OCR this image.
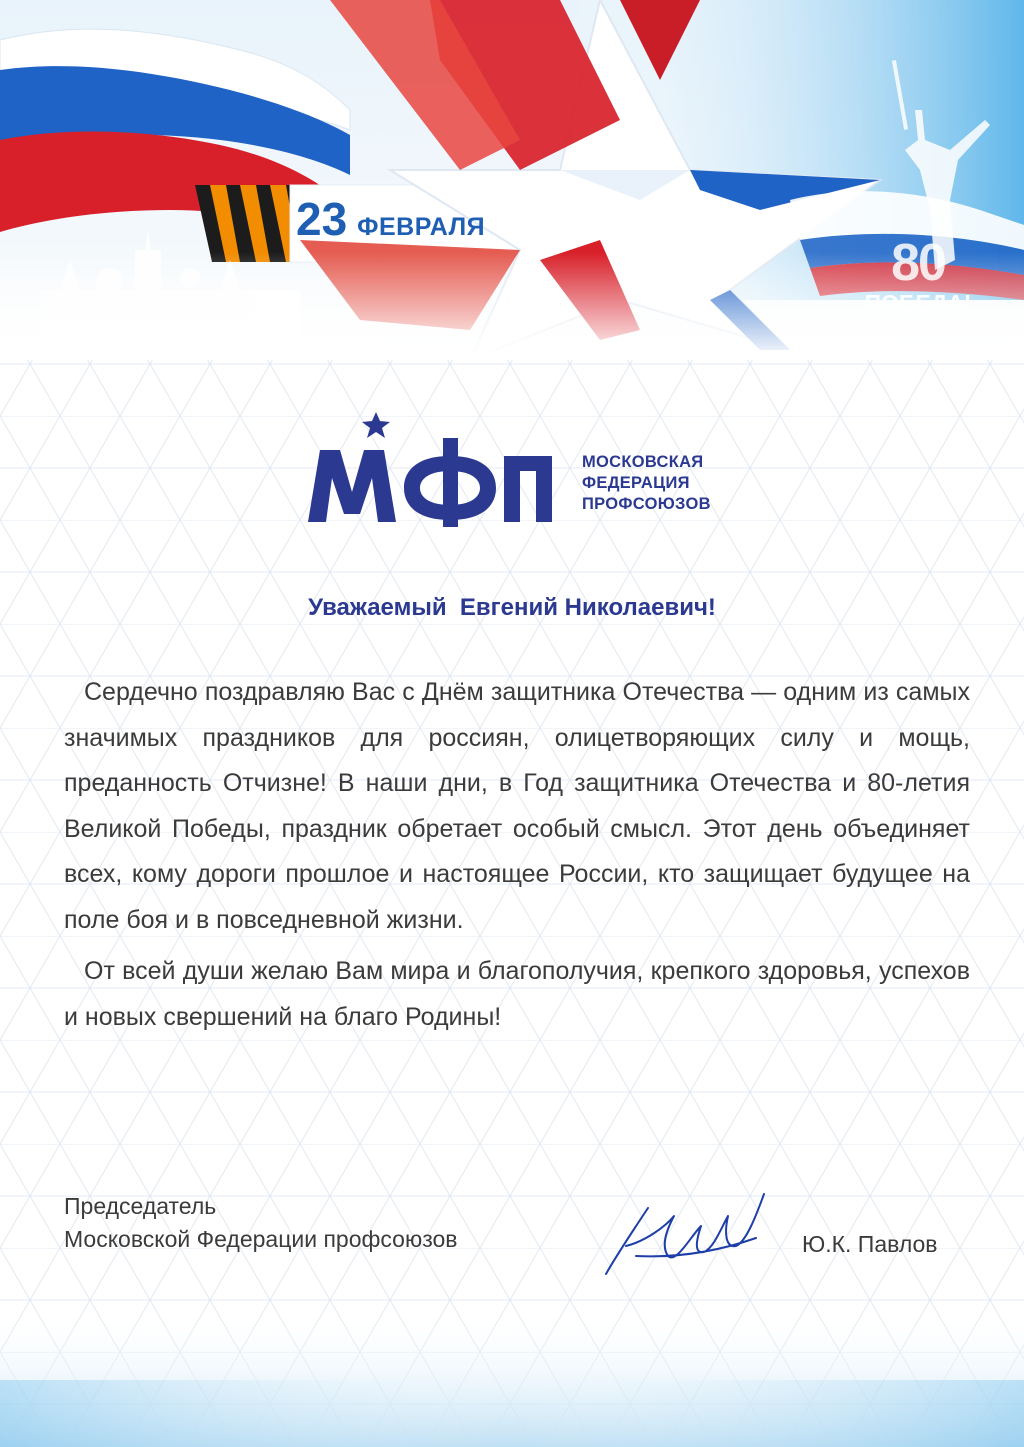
23 ФЕВРАЛЯ
80
ПОБЕДА!
МОСКОВСКАЯ
ФЕДЕРАЦИЯ
ПРОФСОЮЗОВ
Уважаемый  Евгений Николаевич!

Сердечно поздравляю Вас с Днём защитника Отечества — одним из самых значимых праздников для россиян, олицетворяющих силу и мощь, преданность Отчизне! В наши дни, в Год защитника Отечества и 80-летия Великой Победы, праздник обретает особый смысл. Этот день объединяет всех, кому дороги прошлое и настоящее России, кто защищает будущее на поле боя и в повседневной жизни.

От всей души желаю Вам мира и благополучия, крепкого здоровья, успехов и новых свершений на благо Родины!

Председатель
Московской Федерации профсоюзов	Ю.К. Павлов
